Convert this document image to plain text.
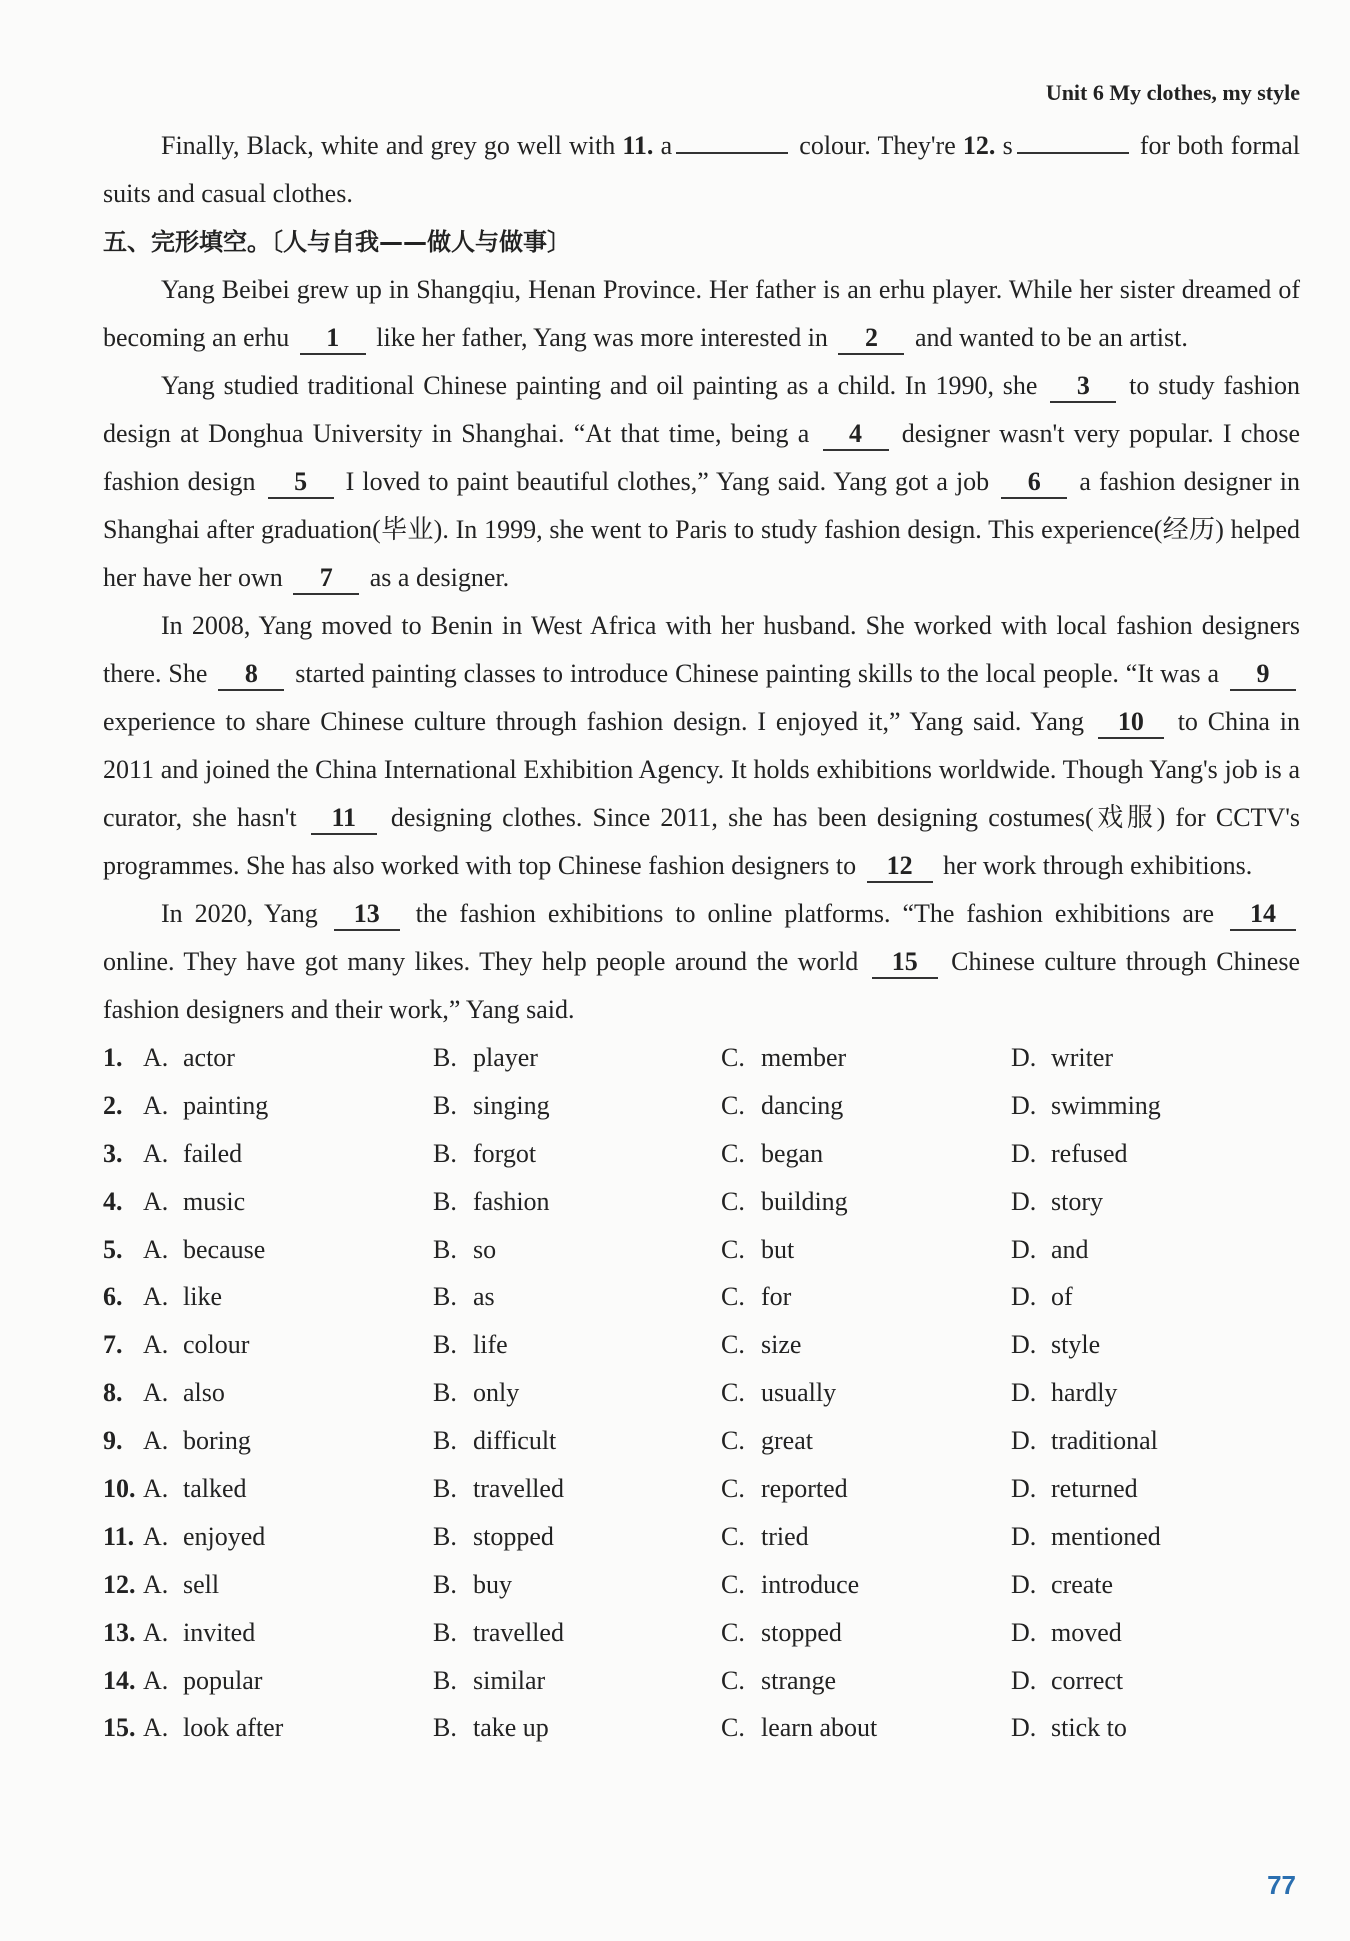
Unit 6 My clothes, my style

Finally, Black, white and grey go well with 11. a	colour. They're 12. s	for both formal suits and casual clothes.

五、完形填空。〔人与自我——做人与做事〕

Yang Beibei grew up in Shangqiu, Henan Province. Her father is an erhu player. While her sister dreamed of becoming an erhu 1 like her father, Yang was more interested in 2 and wanted to be an artist.

Yang studied traditional Chinese painting and oil painting as a child. In 1990, she 3 to study fashion design at Donghua University in Shanghai. “At that time, being a 4 designer wasn't very popular. I chose fashion design 5 I loved to paint beautiful clothes,” Yang said. Yang got a job 6 a fashion designer in Shanghai after graduation(毕业). In 1999, she went to Paris to study fashion design. This experience(经历) helped her have her own 7 as a designer.

In 2008, Yang moved to Benin in West Africa with her husband. She worked with local fashion designers there. She 8 started painting classes to introduce Chinese painting skills to the local people. “It was a 9 experience to share Chinese culture through fashion design. I enjoyed it,” Yang said. Yang 10 to China in 2011 and joined the China International Exhibition Agency. It holds exhibitions worldwide. Though Yang's job is a curator, she hasn't 11 designing clothes. Since 2011, she has been designing costumes(戏服) for CCTV's programmes. She has also worked with top Chinese fashion designers to 12 her work through exhibitions.

In 2020, Yang 13 the fashion exhibitions to online platforms. “The fashion exhibitions are 14 online. They have got many likes. They help people around the world 15 Chinese culture through Chinese fashion designers and their work,” Yang said.

1. A. actor	B. player	C. member	D. writer
2. A. painting	B. singing	C. dancing	D. swimming
3. A. failed	B. forgot	C. began	D. refused
4. A. music	B. fashion	C. building	D. story
5. A. because	B. so	C. but	D. and
6. A. like	B. as	C. for	D. of
7. A. colour	B. life	C. size	D. style
8. A. also	B. only	C. usually	D. hardly
9. A. boring	B. difficult	C. great	D. traditional
10. A. talked	B. travelled	C. reported	D. returned
11. A. enjoyed	B. stopped	C. tried	D. mentioned
12. A. sell	B. buy	C. introduce	D. create
13. A. invited	B. travelled	C. stopped	D. moved
14. A. popular	B. similar	C. strange	D. correct
15. A. look after	B. take up	C. learn about	D. stick to
77
